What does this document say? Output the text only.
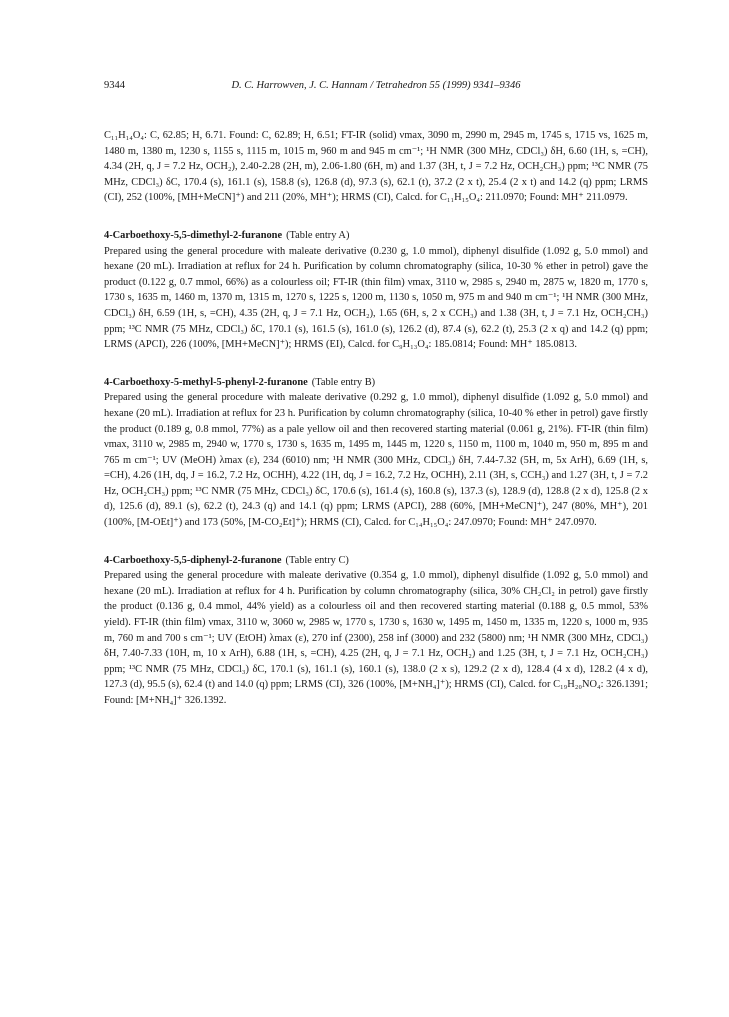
9344	D. C. Harrowven, J. C. Hannam / Tetrahedron 55 (1999) 9341–9346

C₁₁H₁₄O₄: C, 62.85; H, 6.71. Found: C, 62.89; H, 6.51; FT-IR (solid) νmax, 3090 m, 2990 m, 2945 m, 1745 s, 1715 vs, 1625 m, 1480 m, 1380 m, 1230 s, 1155 s, 1115 m, 1015 m, 960 m and 945 m cm⁻¹; ¹H NMR (300 MHz, CDCl₃) δH, 6.60 (1H, s, =CH), 4.34 (2H, q, J = 7.2 Hz, OCH₂), 2.40-2.28 (2H, m), 2.06-1.80 (6H, m) and 1.37 (3H, t, J = 7.2 Hz, OCH₂CH₃) ppm; ¹³C NMR (75 MHz, CDCl₃) δC, 170.4 (s), 161.1 (s), 158.8 (s), 126.8 (d), 97.3 (s), 62.1 (t), 37.2 (2 x t), 25.4 (2 x t) and 14.2 (q) ppm; LRMS (CI), 252 (100%, [MH+MeCN]⁺) and 211 (20%, MH⁺); HRMS (CI), Calcd. for C₁₁H₁₅O₄: 211.0970; Found: MH⁺ 211.0979.

4-Carboethoxy-5,5-dimethyl-2-furanone (Table entry A)

Prepared using the general procedure with maleate derivative (0.230 g, 1.0 mmol), diphenyl disulfide (1.092 g, 5.0 mmol) and hexane (20 mL). Irradiation at reflux for 24 h. Purification by column chromatography (silica, 10-30 % ether in petrol) gave the product (0.122 g, 0.7 mmol, 66%) as a colourless oil; FT-IR (thin film) νmax, 3110 w, 2985 s, 2940 m, 2875 w, 1820 m, 1770 s, 1730 s, 1635 m, 1460 m, 1370 m, 1315 m, 1270 s, 1225 s, 1200 m, 1130 s, 1050 m, 975 m and 940 m cm⁻¹; ¹H NMR (300 MHz, CDCl₃) δH, 6.59 (1H, s, =CH), 4.35 (2H, q, J = 7.1 Hz, OCH₂), 1.65 (6H, s, 2 x CCH₃) and 1.38 (3H, t, J = 7.1 Hz, OCH₂CH₃) ppm; ¹³C NMR (75 MHz, CDCl₃) δC, 170.1 (s), 161.5 (s), 161.0 (s), 126.2 (d), 87.4 (s), 62.2 (t), 25.3 (2 x q) and 14.2 (q) ppm; LRMS (APCI), 226 (100%, [MH+MeCN]⁺); HRMS (EI), Calcd. for C₉H₁₃O₄: 185.0814; Found: MH⁺ 185.0813.

4-Carboethoxy-5-methyl-5-phenyl-2-furanone (Table entry B)

Prepared using the general procedure with maleate derivative (0.292 g, 1.0 mmol), diphenyl disulfide (1.092 g, 5.0 mmol) and hexane (20 mL). Irradiation at reflux for 23 h. Purification by column chromatography (silica, 10-40 % ether in petrol) gave firstly the product (0.189 g, 0.8 mmol, 77%) as a pale yellow oil and then recovered starting material (0.061 g, 21%). FT-IR (thin film) νmax, 3110 w, 2985 m, 2940 w, 1770 s, 1730 s, 1635 m, 1495 m, 1445 m, 1220 s, 1150 m, 1100 m, 1040 m, 950 m, 895 m and 765 m cm⁻¹; UV (MeOH) λmax (ε), 234 (6010) nm; ¹H NMR (300 MHz, CDCl₃) δH, 7.44-7.32 (5H, m, 5x ArH), 6.69 (1H, s, =CH), 4.26 (1H, dq, J = 16.2, 7.2 Hz, OCHH), 4.22 (1H, dq, J = 16.2, 7.2 Hz, OCHH), 2.11 (3H, s, CCH₃) and 1.27 (3H, t, J = 7.2 Hz, OCH₂CH₃) ppm; ¹³C NMR (75 MHz, CDCl₃) δC, 170.6 (s), 161.4 (s), 160.8 (s), 137.3 (s), 128.9 (d), 128.8 (2 x d), 125.8 (2 x d), 125.6 (d), 89.1 (s), 62.2 (t), 24.3 (q) and 14.1 (q) ppm; LRMS (APCI), 288 (60%, [MH+MeCN]⁺), 247 (80%, MH⁺), 201 (100%, [M-OEt]⁺) and 173 (50%, [M-CO₂Et]⁺); HRMS (CI), Calcd. for C₁₄H₁₅O₄: 247.0970; Found: MH⁺ 247.0970.

4-Carboethoxy-5,5-diphenyl-2-furanone (Table entry C)

Prepared using the general procedure with maleate derivative (0.354 g, 1.0 mmol), diphenyl disulfide (1.092 g, 5.0 mmol) and hexane (20 mL). Irradiation at reflux for 4 h. Purification by column chromatography (silica, 30% CH₂Cl₂ in petrol) gave firstly the product (0.136 g, 0.4 mmol, 44% yield) as a colourless oil and then recovered starting material (0.188 g, 0.5 mmol, 53% yield). FT-IR (thin film) νmax, 3110 w, 3060 w, 2985 w, 1770 s, 1730 s, 1630 w, 1495 m, 1450 m, 1335 m, 1220 s, 1000 m, 935 m, 760 m and 700 s cm⁻¹; UV (EtOH) λmax (ε), 270 inf (2300), 258 inf (3000) and 232 (5800) nm; ¹H NMR (300 MHz, CDCl₃) δH, 7.40-7.33 (10H, m, 10 x ArH), 6.88 (1H, s, =CH), 4.25 (2H, q, J = 7.1 Hz, OCH₂) and 1.25 (3H, t, J = 7.1 Hz, OCH₂CH₃) ppm; ¹³C NMR (75 MHz, CDCl₃) δC, 170.1 (s), 161.1 (s), 160.1 (s), 138.0 (2 x s), 129.2 (2 x d), 128.4 (4 x d), 128.2 (4 x d), 127.3 (d), 95.5 (s), 62.4 (t) and 14.0 (q) ppm; LRMS (CI), 326 (100%, [M+NH₄]⁺); HRMS (CI), Calcd. for C₁₉H₂₀NO₄: 326.1391; Found: [M+NH₄]⁺ 326.1392.
